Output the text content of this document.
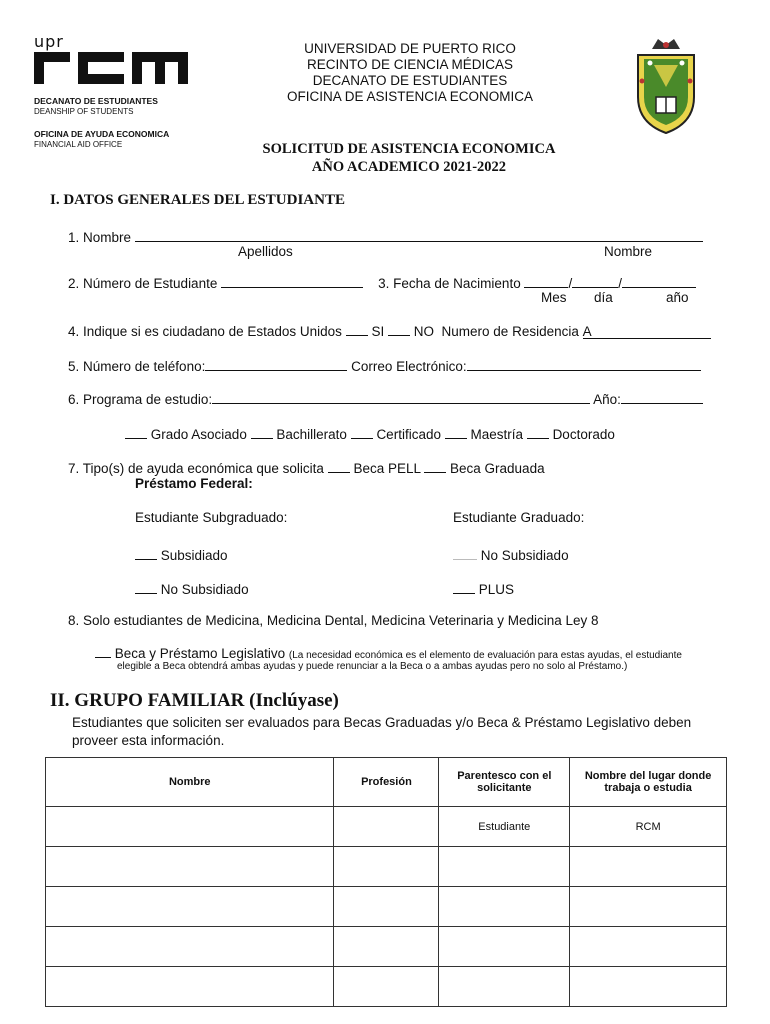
upr
DECANATO DE ESTUDIANTES
DEANSHIP OF STUDENTS
OFICINA DE AYUDA ECONOMICA
FINANCIAL AID OFFICE
UNIVERSIDAD DE PUERTO RICO
RECINTO DE CIENCIA MÉDICAS
DECANATO DE ESTUDIANTES
OFICINA DE ASISTENCIA ECONOMICA
SOLICITUD DE ASISTENCIA ECONOMICA
AÑO ACADEMICO 2021-2022
I. DATOS GENERALES DEL ESTUDIANTE
1. Nombre
Apellidos	Nombre
2. Número de Estudiante	3. Fecha de Nacimiento	/	/
Mes día	año
4. Indique si es ciudadano de Estados Unidos SI NO Numero de Residencia A
5. Número de teléfono:	Correo Electrónico:
6. Programa de estudio:	Año:
Grado Asociado Bachillerato Certificado Maestría Doctorado
7. Tipo(s) de ayuda económica que solicita Beca PELL Beca Graduada
Préstamo Federal:
Estudiante Subgraduado:	Estudiante Graduado:
Subsidiado	No Subsidiado
No Subsidiado	PLUS
8. Solo estudiantes de Medicina, Medicina Dental, Medicina Veterinaria y Medicina Ley 8
Beca y Préstamo Legislativo (La necesidad económica es el elemento de evaluación para estas ayudas, el estudiante
elegible a Beca obtendrá ambas ayudas y puede renunciar a la Beca o a ambas ayudas pero no solo al Préstamo.)
II. GRUPO FAMILIAR (Inclúyase)
Estudiantes que soliciten ser evaluados para Becas Graduadas y/o Beca & Préstamo Legislativo deben proveer esta información.
Nombre	Profesión	Parentesco con el solicitante	Nombre del lugar donde trabaja o estudia
		Estudiante	RCM
